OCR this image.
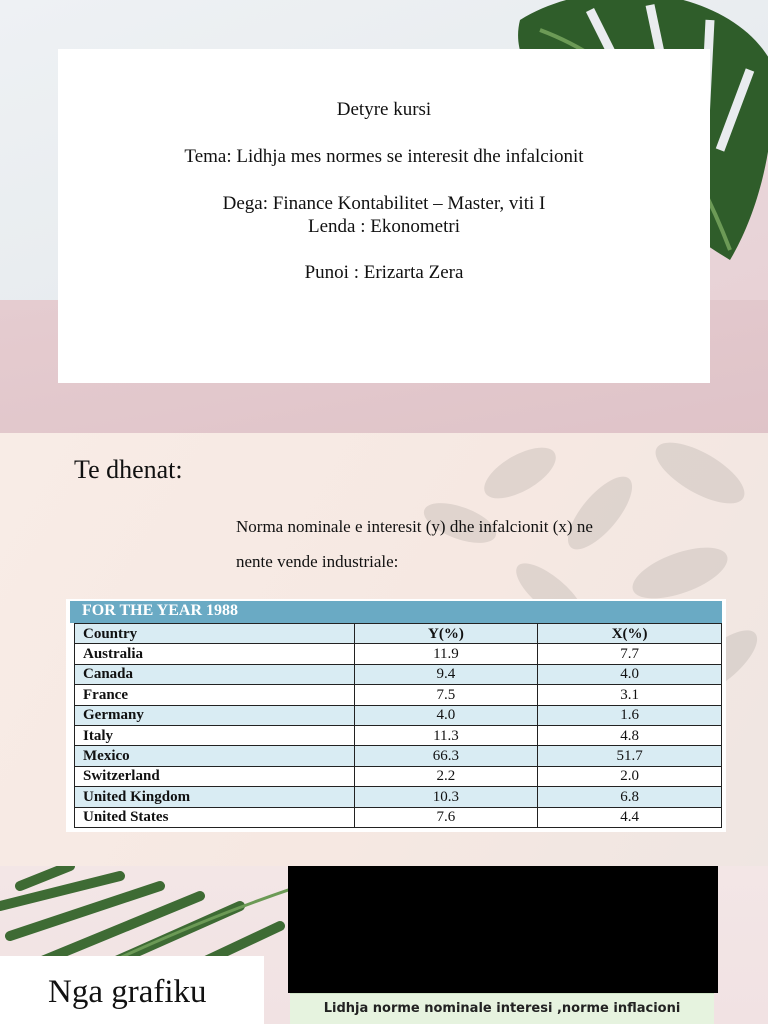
Detyre kursi
Tema: Lidhja mes normes se interesit dhe infalcionit
Dega: Finance Kontabilitet – Master, viti I
Lenda : Ekonometri
Punoi : Erizarta Zera
Te dhenat:
Norma nominale e interesit (y) dhe infalcionit (x) ne
nente vende industriale:
FOR THE YEAR 1988
Country	Y(%)	X(%)
Australia	11.9	7.7
Canada	9.4	4.0
France	7.5	3.1
Germany	4.0	1.6
Italy	11.3	4.8
Mexico	66.3	51.7
Switzerland	2.2	2.0
United Kingdom	10.3	6.8
United States	7.6	4.4
Nga grafiku	Lidhja norme nominale interesi ,norme inflacioni
